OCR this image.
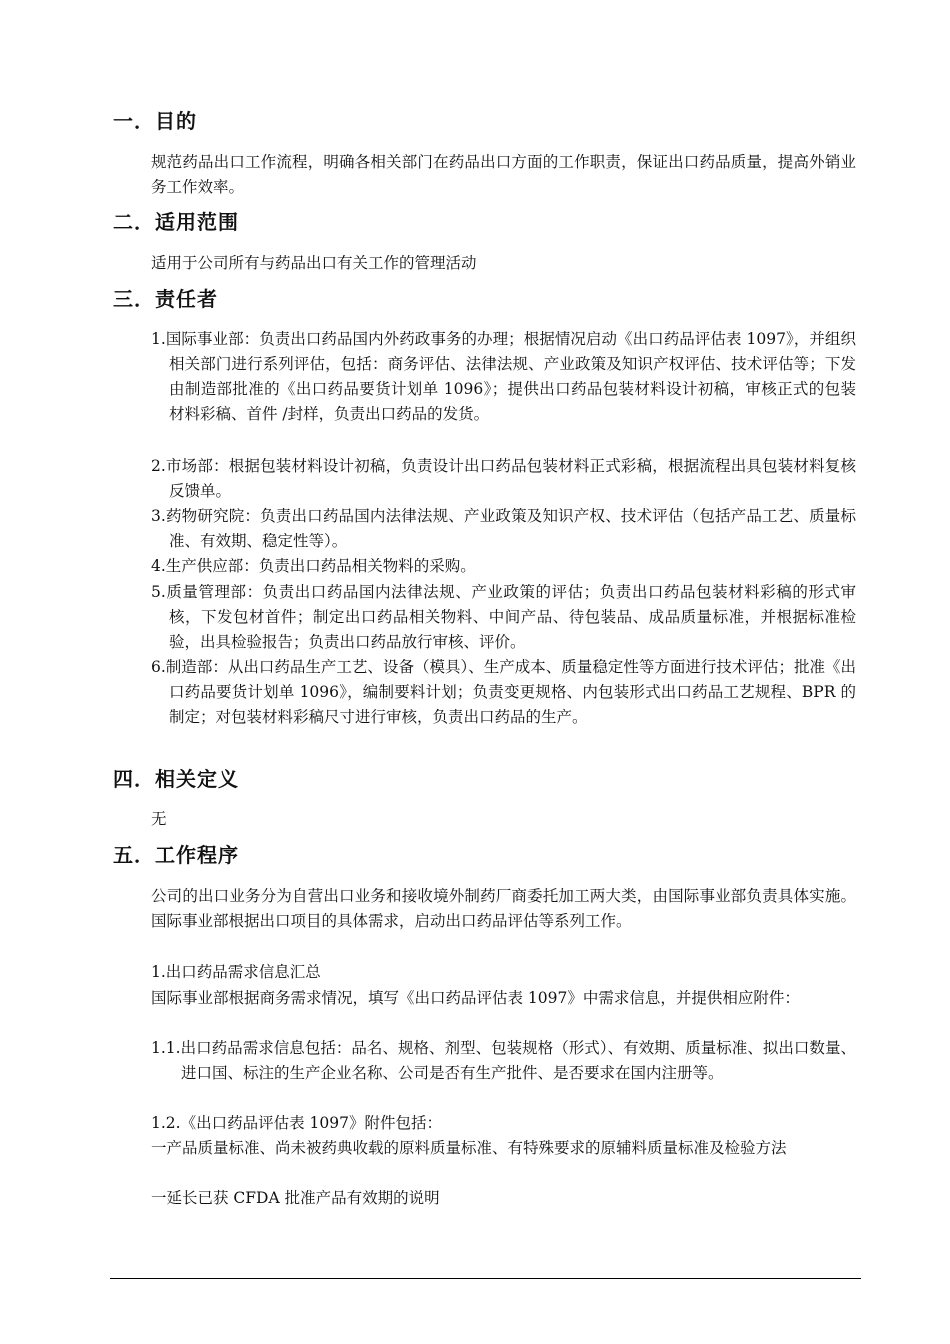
一．目的
规范药品出口工作流程，明确各相关部门在药品出口方面的工作职责，保证出口药品质量，提高外销业务工作效率。
二．适用范围
适用于公司所有与药品出口有关工作的管理活动
三．责任者
1.国际事业部：负责出口药品国内外药政事务的办理；根据情况启动《出口药品评估表 1097》，并组织相关部门进行系列评估，包括：商务评估、法律法规、产业政策及知识产权评估、技术评估等；下发由制造部批准的《出口药品要货计划单 1096》；提供出口药品包装材料设计初稿，审核正式的包装材料彩稿、首件 /封样，负责出口药品的发货。
2.市场部：根据包装材料设计初稿，负责设计出口药品包装材料正式彩稿，根据流程出具包装材料复核反馈单。
3.药物研究院：负责出口药品国内法律法规、产业政策及知识产权、技术评估（包括产品工艺、质量标准、有效期、稳定性等）。
4.生产供应部：负责出口药品相关物料的采购。
5.质量管理部：负责出口药品国内法律法规、产业政策的评估；负责出口药品包装材料彩稿的形式审核，下发包材首件；制定出口药品相关物料、中间产品、待包装品、成品质量标准，并根据标准检验，出具检验报告；负责出口药品放行审核、评价。
6.制造部：从出口药品生产工艺、设备（模具）、生产成本、质量稳定性等方面进行技术评估；批准《出口药品要货计划单 1096》，编制要料计划；负责变更规格、内包装形式出口药品工艺规程、BPR 的制定；对包装材料彩稿尺寸进行审核，负责出口药品的生产。
四．相关定义
无
五．工作程序
公司的出口业务分为自营出口业务和接收境外制药厂商委托加工两大类，由国际事业部负责具体实施。国际事业部根据出口项目的具体需求，启动出口药品评估等系列工作。
1.出口药品需求信息汇总
国际事业部根据商务需求情况，填写《出口药品评估表 1097》中需求信息，并提供相应附件：
1.1.出口药品需求信息包括：品名、规格、剂型、包装规格（形式）、有效期、质量标准、拟出口数量、进口国、标注的生产企业名称、公司是否有生产批件、是否要求在国内注册等。
1.2.《出口药品评估表 1097》附件包括：
一产品质量标准、尚未被药典收载的原料质量标准、有特殊要求的原辅料质量标准及检验方法
一延长已获 CFDA 批准产品有效期的说明
